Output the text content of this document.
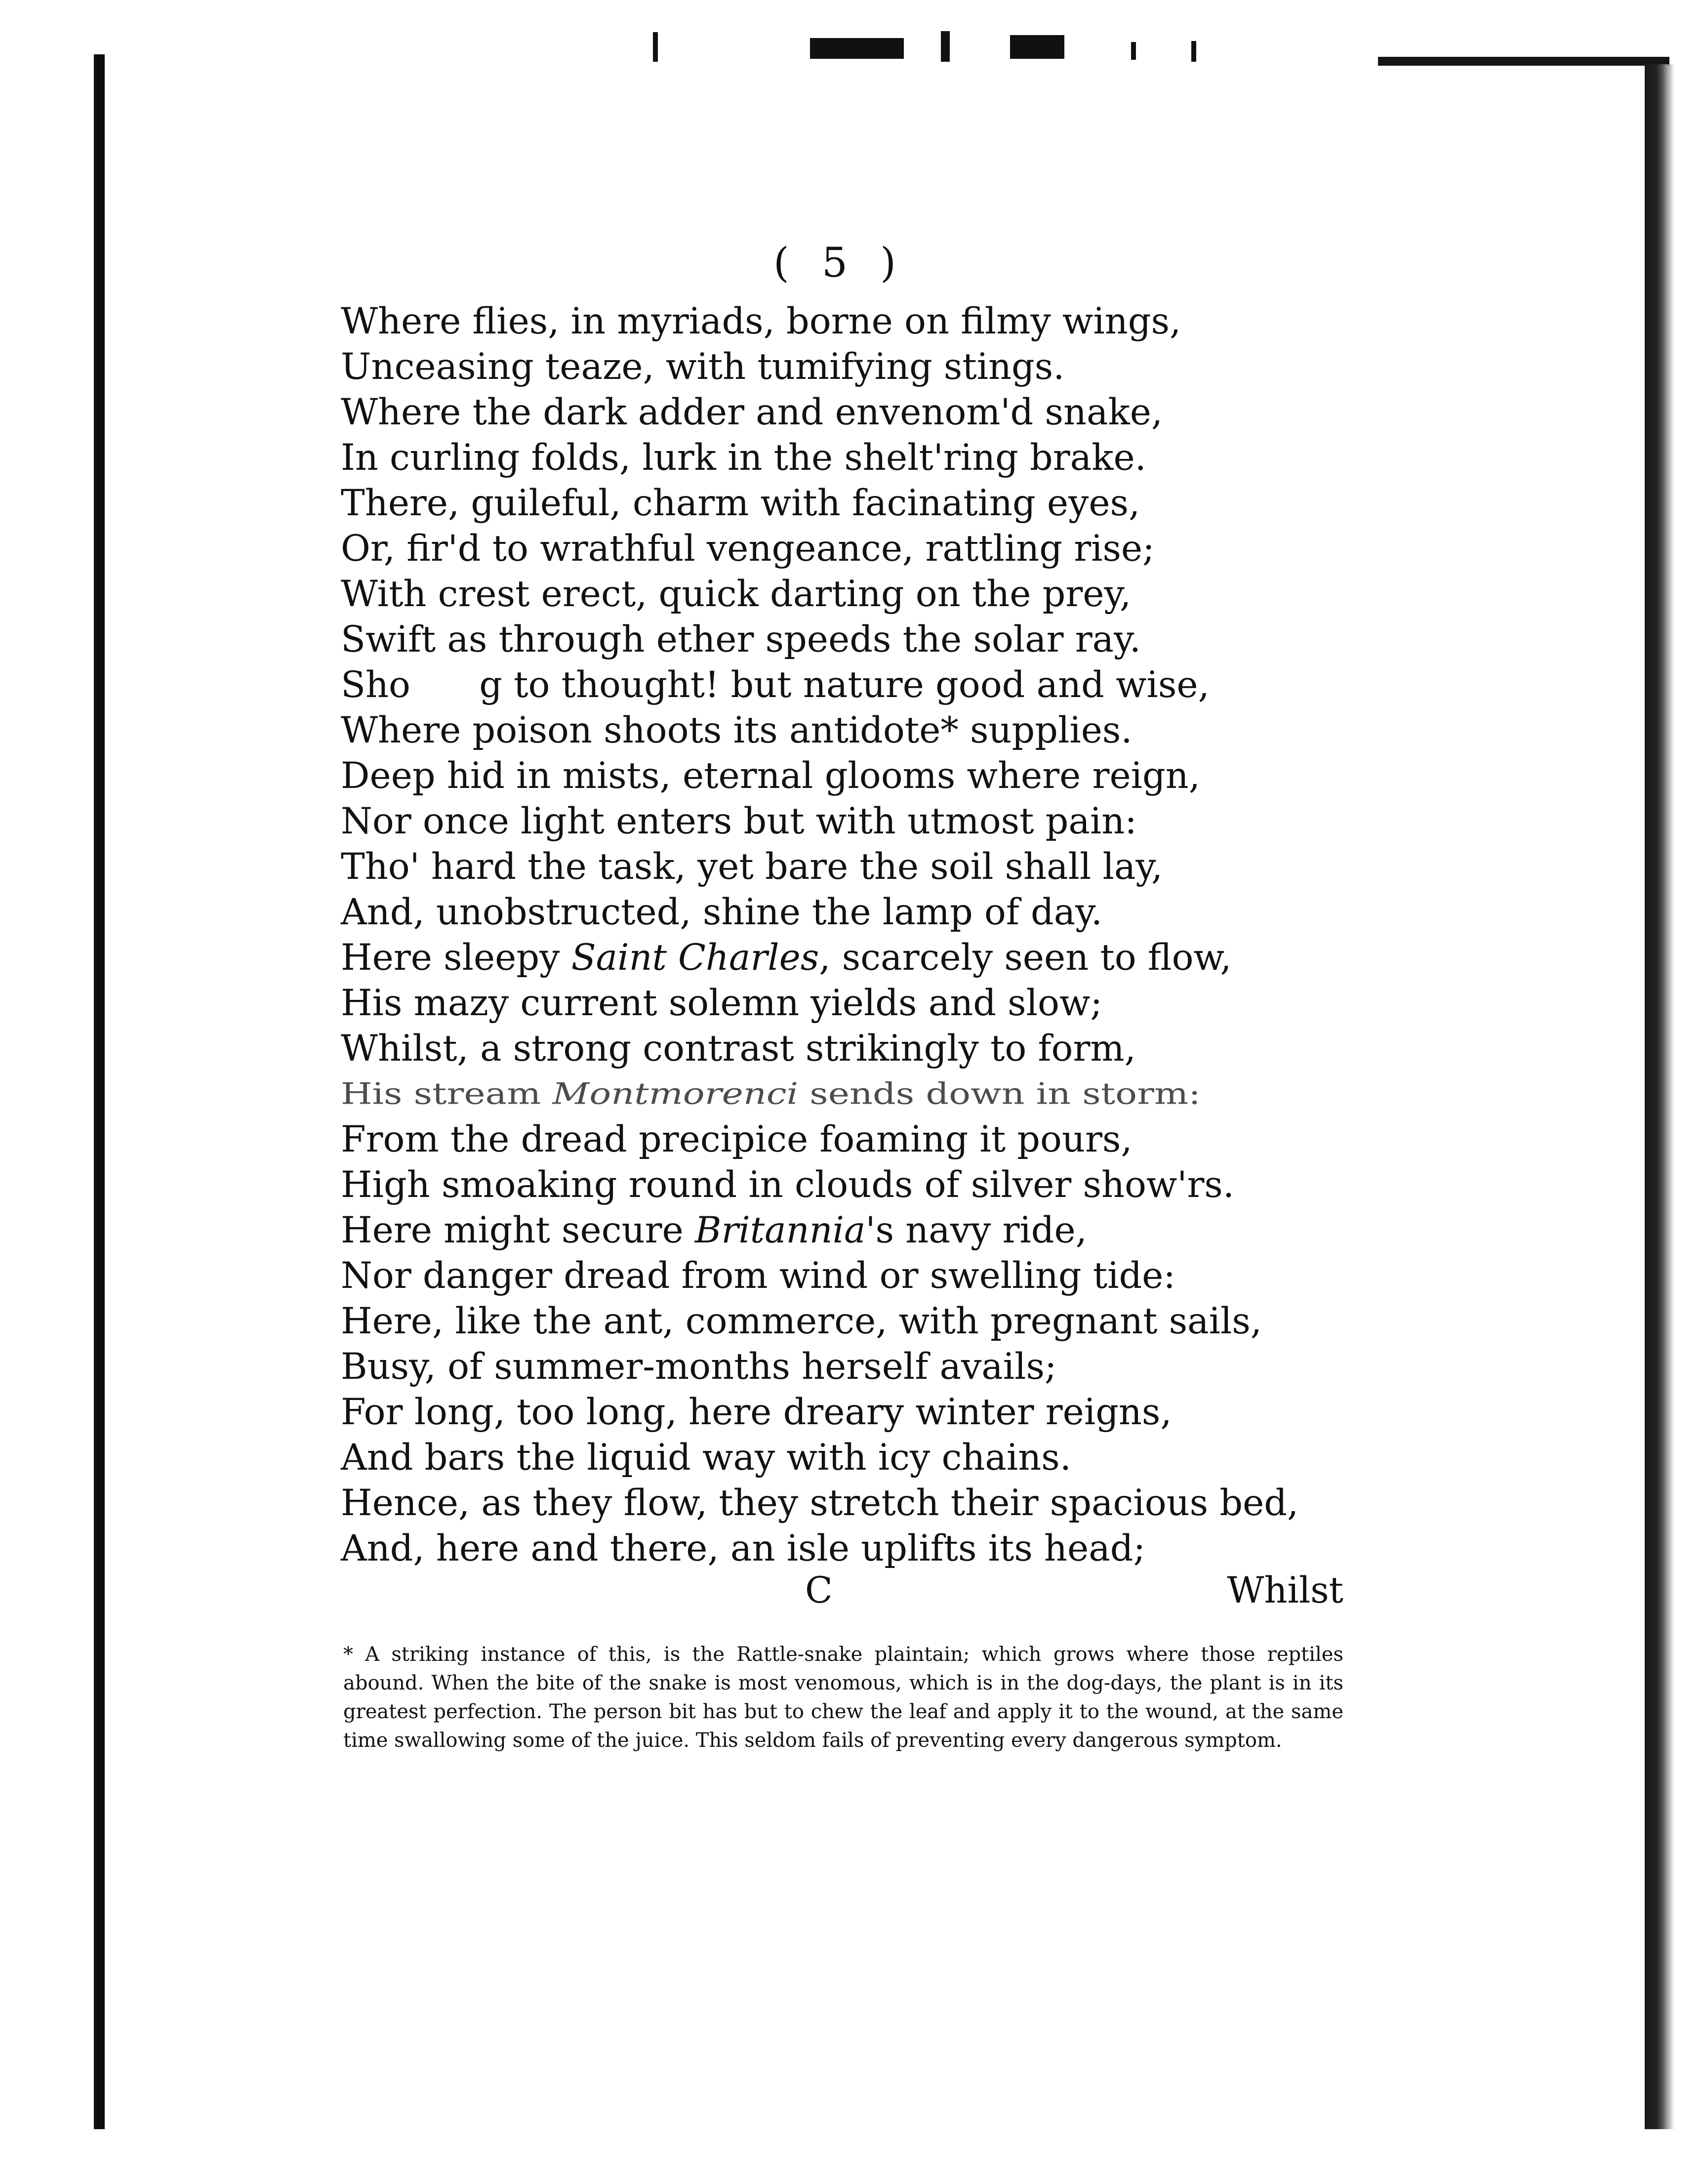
( 5 )
Where flies, in myriads, borne on filmy wings,
Unceasing teaze, with tumifying stings.
Where the dark adder and envenom'd snake,
In curling folds, lurk in the shelt'ring brake.
There, guileful, charm with facinating eyes,
Or, fir'd to wrathful vengeance, rattling rise;
With crest erect, quick darting on the prey,
Swift as through ether speeds the solar ray.
Sho      g to thought! but nature good and wise,
Where poison shoots its antidote* supplies.
Deep hid in mists, eternal glooms where reign,
Nor once light enters but with utmost pain:
Tho' hard the task, yet bare the soil shall lay,
And, unobstructed, shine the lamp of day.
Here sleepy Saint Charles, scarcely seen to flow,
His mazy current solemn yields and slow;
Whilst, a strong contrast strikingly to form,
His stream Montmorenci sends down in storm:
From the dread precipice foaming it pours,
High smoaking round in clouds of silver show'rs.
Here might secure Britannia's navy ride,
Nor danger dread from wind or swelling tide:
Here, like the ant, commerce, with pregnant sails,
Busy, of summer-months herself avails;
For long, too long, here dreary winter reigns,
And bars the liquid way with icy chains.
Hence, as they flow, they stretch their spacious bed,
And, here and there, an isle uplifts its head;
C	Whilst
* A striking instance of this, is the Rattle-snake plaintain; which grows where those reptiles abound. When the bite of the snake is most venomous, which is in the dog-days, the plant is in its greatest perfection. The person bit has but to chew the leaf and apply it to the wound, at the same time swallowing some of the juice. This seldom fails of preventing every dangerous symptom.
